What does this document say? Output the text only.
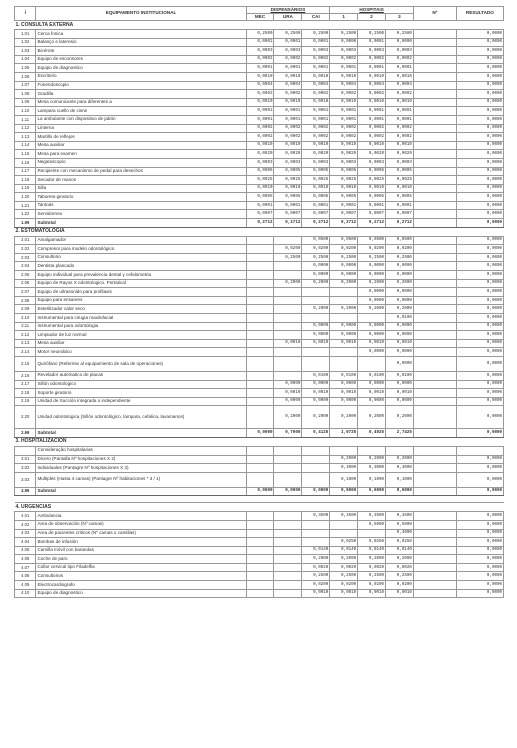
Í	EQUIPAMENTO INSTITUCIONAL	DISPENSÁRIOS			HOSPITAIS			Nº	RESULTADO
		MEC	URA	CAI	1	2	3		
1. CONSULTA EXTERNA									
1.01	Cerca fonica	0,2500	0,2500	0,2500	0,2500	0,2500	0,2500		0,0000
1.02	Balanço e lateresio	0,0001	0,0001	0,0001	0,0000	0,0001	0,0000		0,0000
1.03	Bicérote	0,0003	0,0003	0,0003	0,0003	0,0003	0,0003		0,0000
1.04	Equipo de esconsores	0,0002	0,0002	0,0002	0,0002	0,0002	0,0002		0,0000
1.05	Equipo de diagnostico	0,0001	0,0001	0,0001	0,0001	0,0001	0,0001		0,0000
1.06	Escritorio	0,0010	0,0010	0,0010	0,0010	0,0010	0,0010		0,0000
1.07	Fonendoscopio	0,0004	0,0004	0,0004	0,0004	0,0004	0,0004		0,0000
1.08	Gradilla	0,0002	0,0002	0,0002	0,0002	0,0002	0,0002		0,0000
1.09	Mesa comunicante para diferentes a	0,0010	0,0010	0,0010	0,0010	0,0010	0,0010		0,0000
1.10	Lampara cuello de cisne	0,0001	0,0001	0,0001	0,0001	0,0001	0,0001		0,0000
1.11	La ambulante con dispositivo de jabón	0,0001	0,0001	0,0001	0,0001	0,0001	0,0001		0,0000
1.12	Linterna	0,0002	0,0002	0,0002	0,0002	0,0002	0,0002		0,0000
1.13	Martillo de reflejos	0,0002	0,0002	0,0002	0,0002	0,0002	0,0002		0,0000
1.14	Mesa auxiliar	0,0010	0,0010	0,0010	0,0010	0,0010	0,0010		0,0000
1.15	Mesa para examen	0,0020	0,0020	0,0020	0,0020	0,0020	0,0020		0,0000
1.16	Negatoscopio	0,0003	0,0003	0,0003	0,0003	0,0003	0,0003		0,0000
1.17	Recipiente con mecanismo de pedal para desechos	0,0005	0,0005	0,0005	0,0005	0,0005	0,0005		0,0000
1.18	Secador de manos	0,0025	0,0025	0,0025	0,0025	0,0025	0,0025		0,0000
1.19	Silla	0,0010	0,0010	0,0010	0,0010	0,0010	0,0010		0,0000
1.20	Tabureto-giratorio	0,0005	0,0005	0,0005	0,0005	0,0005	0,0005		0,0000
1.21	Tantoás	0,0001	0,0001	0,0001	0,0001	0,0001	0,0001		0,0000
1.22	Servidorneo	0,0007	0,0007	0,0007	0,0007	0,0007	0,0007		0,0000
1.99	Subtotal	0,2712	0,2712	0,2712	0,2712	0,2712	0,2712		0,0000
2. ESTOMATOLOGIA									
2.01	Amalgamador			0,0500	0,0500	0,0500	0,0500		0,0000
2.02	Compresor para modelo odontológico		0,0200	0,0200	0,0200	0,0200	0,0200		0,0000
2.03	Consultorio		0,2500	0,2500	0,2500	0,2500	0,2500		0,0000
2.04	Dentista plancado			0,0000	0,0000	0,0000	0,0000		0,0000
2.05	Equipo individual para prevalencia dental y cefalometria			0,0000	0,0000	0,0000	0,0000		0,0000
2.06	Equipo de Rayos X odontologico. Portatical		0,2000	0,2000	0,2000	0,2000	0,2000		0,0000
2.07	Equipo de ultrasonido para profilaxis					0,0000	0,0000		0,0000
2.08	Equipo para ensanres					0,0000	0,0000		0,0000
2.09	Esterilizador calor seco			0,2000	0,2000	0,2000	0,2000		0,0000
2.10	Instrumental para cirugia maxilofacial						0,0100		0,0000
2.11	Instrumental para odontologia			0,0000	0,0000	0,0000	0,0000		0,0000
2.12	Limpiador de luz normal			0,0000	0,0000	0,0000	0,0000		0,0000
2.13	Mesa auxiliar		0,0010	0,0010	0,0010	0,0010	0,0010		0,0000
2.14	Motor neumático					0,0000	0,0000		0,0000
2.15	Quirófano (Referirse al equipamiento de sala de operaciones)						0,0000		0,0000
2.16	Revelador automatico de placas			0,0100	0,0100	0,0100	0,0100		0,0000
2.17	Sillón odontologico		0,0000	0,0000	0,0000	0,0000	0,0000		0,0000
2.18	Soporte giratorio		0,0010	0,0010	0,0010	0,0010	0,0010		0,0000
2.19	Unidad de Succión integrada o independiente		0,0000	0,0000	0,0000	0,0000	0,0000		0,0000
2.20	Unidad odontologica (Sillón odontológico, lámpara, cefalica, lavamanos)		0,2000	0,2000	0,2000	0,2000	0,2000		0,0000
2.99	Subtotal	0,0000	0,7000	0,4125	1,0725	0,4925	2,7425		0,0000
3. HOSPITALIZACION									
	Consideração hospitalarias								
3.01	Dicero (Pantalla Nº hospitaciones X 2)				0,2000	0,2000	0,2000		0,0000
3.02	Individuales (Pantagre Nº hospitaciones X 3)				0,3000	0,3000	0,3000		0,0000
3.03	Multiples (Hasta 4 camas) (Pantagre Nº habitaciones * 3 / 1)				0,1000	0,1000	0,1000		0,0000
3.99	Subtotal	0,0000	0,0000	0,0000	0,6000	0,6000	0,6000		0,0000

4. URGENCIAS									
4.01	Ambulancia			0,3500	0,3500	0,3500	0,3500		0,0000
4.02	Area de observación (Nº camas)					0,5000	0,5000		0,0000
4.03	Area de pacientes criticos (Nº camas o camillas)						0,4000		0,0000
4.04	Bombas de infusión				0,0250	0,0250	0,0250		0,0000
4.05	Camilla móvil con barandas			0,0140	0,0140	0,0140	0,0140		0,0000
4.06	Coche de paro			0,2000	0,2000	0,2000	0,2000		0,0000
4.07	Collar cervical tipo Filadelfia			0,0020	0,0020	0,0020	0,0020		0,0000
4.08	Consultorios			0,2500	0,2500	0,2500	0,2500		0,0000
4.09	Electrocardiografo			0,0200	0,0200	0,0200	0,0200		0,0000
4.10	Equipo de diagnostico			0,0010	0,0010	0,0010	0,0010		0,0000
